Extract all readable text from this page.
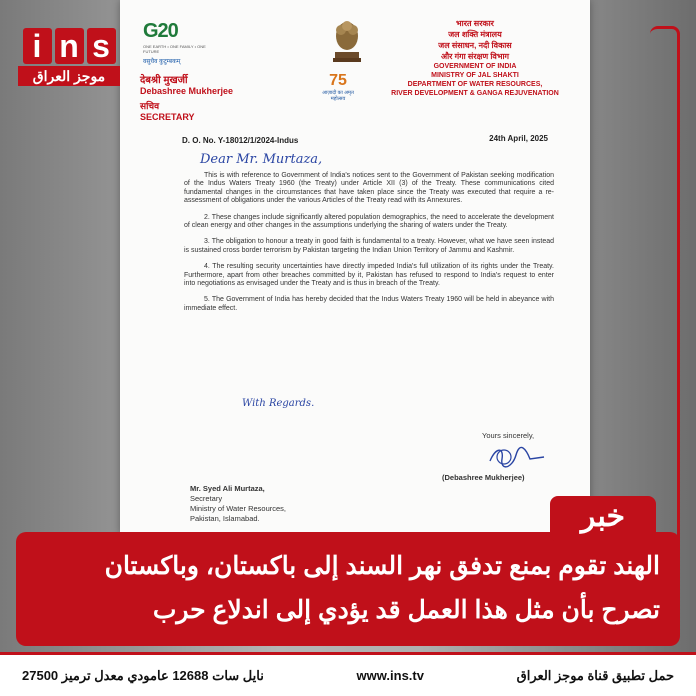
G20
ONE EARTH • ONE FAMILY • ONE FUTURE
वसुधैव कुटुम्बकम्
75
आज़ादी का अमृत महोत्सव
देबश्री मुखर्जी
Debashree Mukherjee
सचिव
SECRETARY
भारत सरकार
जल शक्ति मंत्रालय
जल संसाधन, नदी विकास
और गंगा संरक्षण विभाग
GOVERNMENT OF INDIA
MINISTRY OF JAL SHAKTI
DEPARTMENT OF WATER RESOURCES,
RIVER DEVELOPMENT & GANGA REJUVENATION
D. O. No. Y-18012/1/2024-Indus	24th April, 2025
Dear Mr. Murtaza,

This is with reference to Government of India's notices sent to the Government of Pakistan seeking modification of the Indus Waters Treaty 1960 (the Treaty) under Article XII (3) of the Treaty. These communications cited fundamental changes in the circumstances that have taken place since the Treaty was executed that require a re-assessment of obligations under the various Articles of the Treaty read with its Annexures.

2. These changes include significantly altered population demographics, the need to accelerate the development of clean energy and other changes in the assumptions underlying the sharing of waters under the Treaty.

3. The obligation to honour a treaty in good faith is fundamental to a treaty. However, what we have seen instead is sustained cross border terrorism by Pakistan targeting the Indian Union Territory of Jammu and Kashmir.

4. The resulting security uncertainties have directly impeded India's full utilization of its rights under the Treaty. Furthermore, apart from other breaches committed by it, Pakistan has refused to respond to India's request to enter into negotiations as envisaged under the Treaty and is thus in breach of the Treaty.

5. The Government of India has hereby decided that the Indus Waters Treaty 1960 will be held in abeyance with immediate effect.

With Regards.
Yours sincerely,
(Debashree Mukherjee)
Mr. Syed Ali Murtaza,
Secretary
Ministry of Water Resources,
Pakistan, Islamabad.
i n s
موجز العراق
خبر
الهند تقوم بمنع تدفق نهر السند إلى باكستان، وباكستان
تصرح بأن مثل هذا العمل قد يؤدي إلى اندلاع حرب
حمل تطبيق قناة موجز العراق
www.ins.tv
نايل سات 12688 عامودي معدل ترميز 27500
